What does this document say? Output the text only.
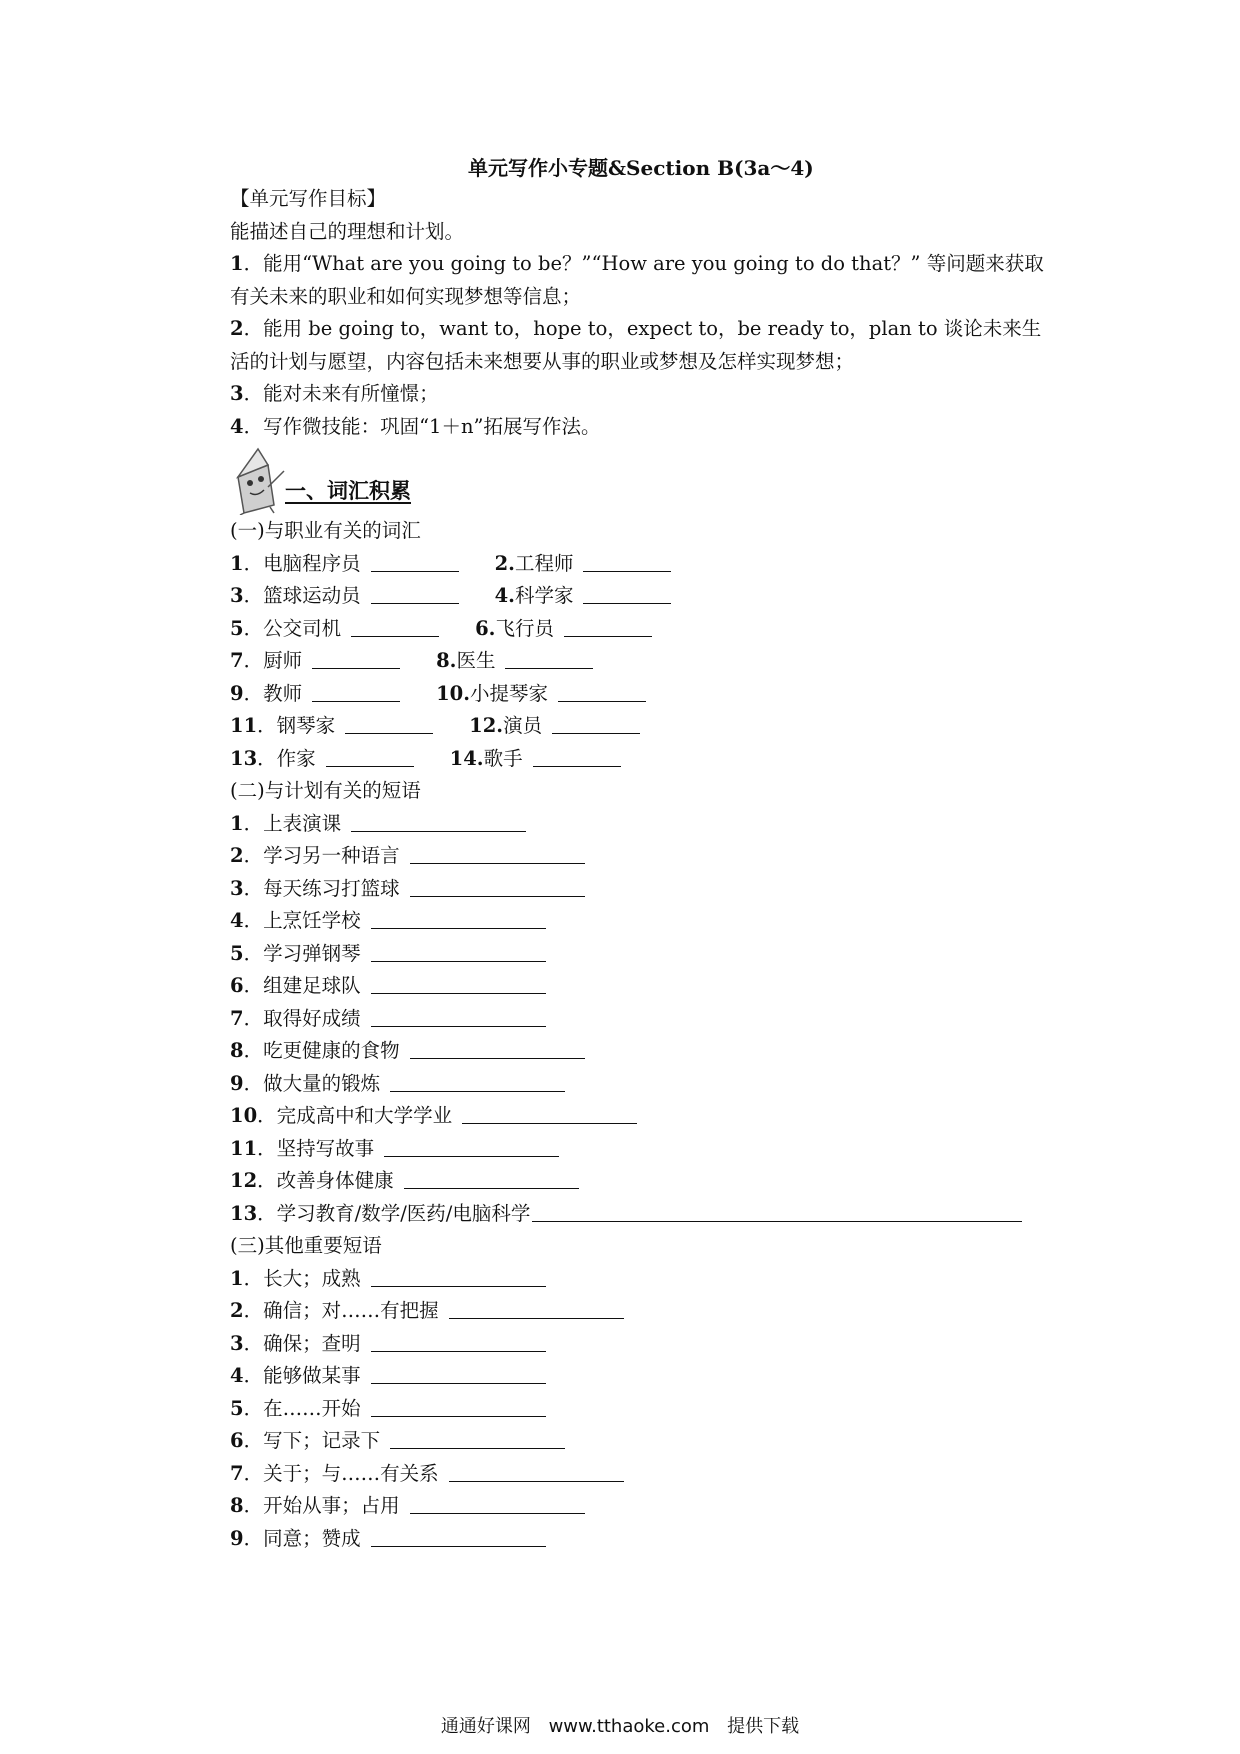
单元写作小专题&Section B(3a～4)
【单元写作目标】
能描述自己的理想和计划。
1．能用“What are you going to be？”“How are you going to do that？” 等问题来获取有关未来的职业和如何实现梦想等信息；
2．能用 be going to，want to，hope to，expect to，be ready to，plan to 谈论未来生活的计划与愿望，内容包括未来想要从事的职业或梦想及怎样实现梦想；
3．能对未来有所憧憬；
4．写作微技能：巩固“1＋n”拓展写作法。
一、词汇积累
(一)与职业有关的词汇
1．电脑程序员	2.工程师
3．篮球运动员	4.科学家
5．公交司机	6.飞行员
7．厨师	8.医生
9．教师	10.小提琴家
11．钢琴家	12.演员
13．作家	14.歌手
(二)与计划有关的短语
1．上表演课
2．学习另一种语言
3．每天练习打篮球
4．上烹饪学校
5．学习弹钢琴
6．组建足球队
7．取得好成绩
8．吃更健康的食物
9．做大量的锻炼
10．完成高中和大学学业
11．坚持写故事
12．改善身体健康
13．学习教育/数学/医药/电脑科学
(三)其他重要短语
1．长大；成熟
2．确信；对……有把握
3．确保；查明
4．能够做某事
5．在……开始
6．写下；记录下
7．关于；与……有关系
8．开始从事；占用
9．同意；赞成
通通好课网 www.tthaoke.com 提供下载
